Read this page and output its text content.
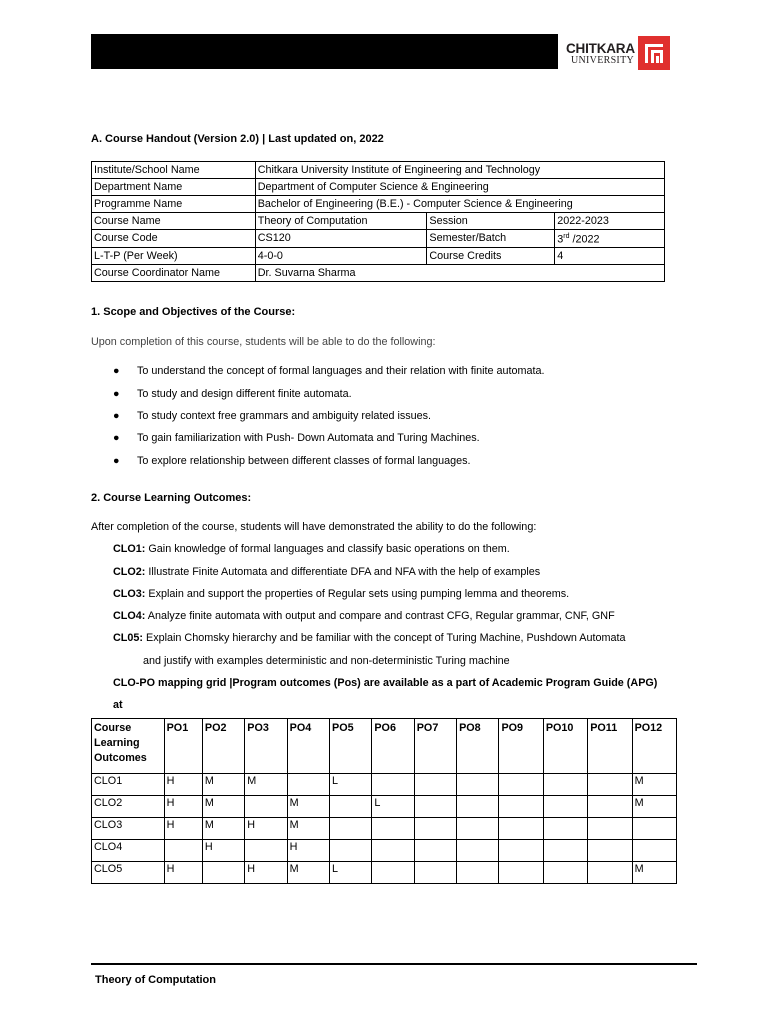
CHITKARA
UNIVERSITY
A. Course Handout (Version 2.0) | Last updated on, 2022
Institute/School Name	Chitkara University Institute of Engineering and Technology		
Department Name	Department of Computer Science & Engineering		
Programme Name	Bachelor of Engineering (B.E.) - Computer Science & Engineering		
Course Name	Theory of Computation	Session	2022-2023
Course Code	CS120	Semester/Batch	3rd /2022
L-T-P (Per Week)	4-0-0	Course Credits	4
Course Coordinator Name	Dr. Suvarna Sharma		
1. Scope and Objectives of the Course:
Upon completion of this course, students will be able to do the following:
● To understand the concept of formal languages and their relation with finite automata.
● To study and design different finite automata.
● To study context free grammars and ambiguity related issues.
● To gain familiarization with Push- Down Automata and Turing Machines.
● To explore relationship between different classes of formal languages.
2. Course Learning Outcomes:
After completion of the course, students will have demonstrated the ability to do the following:
CLO1: Gain knowledge of formal languages and classify basic operations on them.
CLO2: Illustrate Finite Automata and differentiate DFA and NFA with the help of examples
CLO3: Explain and support the properties of Regular sets using pumping lemma and theorems.
CLO4: Analyze finite automata with output and compare and contrast CFG, Regular grammar, CNF, GNF
CL05: Explain Chomsky hierarchy and be familiar with the concept of Turing Machine, Pushdown Automata
and justify with examples deterministic and non-deterministic Turing machine
CLO-PO mapping grid |Program outcomes (Pos) are available as a part of Academic Program Guide (APG)
at
Course
Learning
Outcomes	PO1	PO2	PO3	PO4	PO5	PO6	PO7	PO8	PO9	PO10	PO11	PO12
CLO1	H	M	M		L							M
CLO2	H	M		M		L						M
CLO3	H	M	H	M								
CLO4		H		H								
CLO5	H		H	M	L							M
Theory of Computation
